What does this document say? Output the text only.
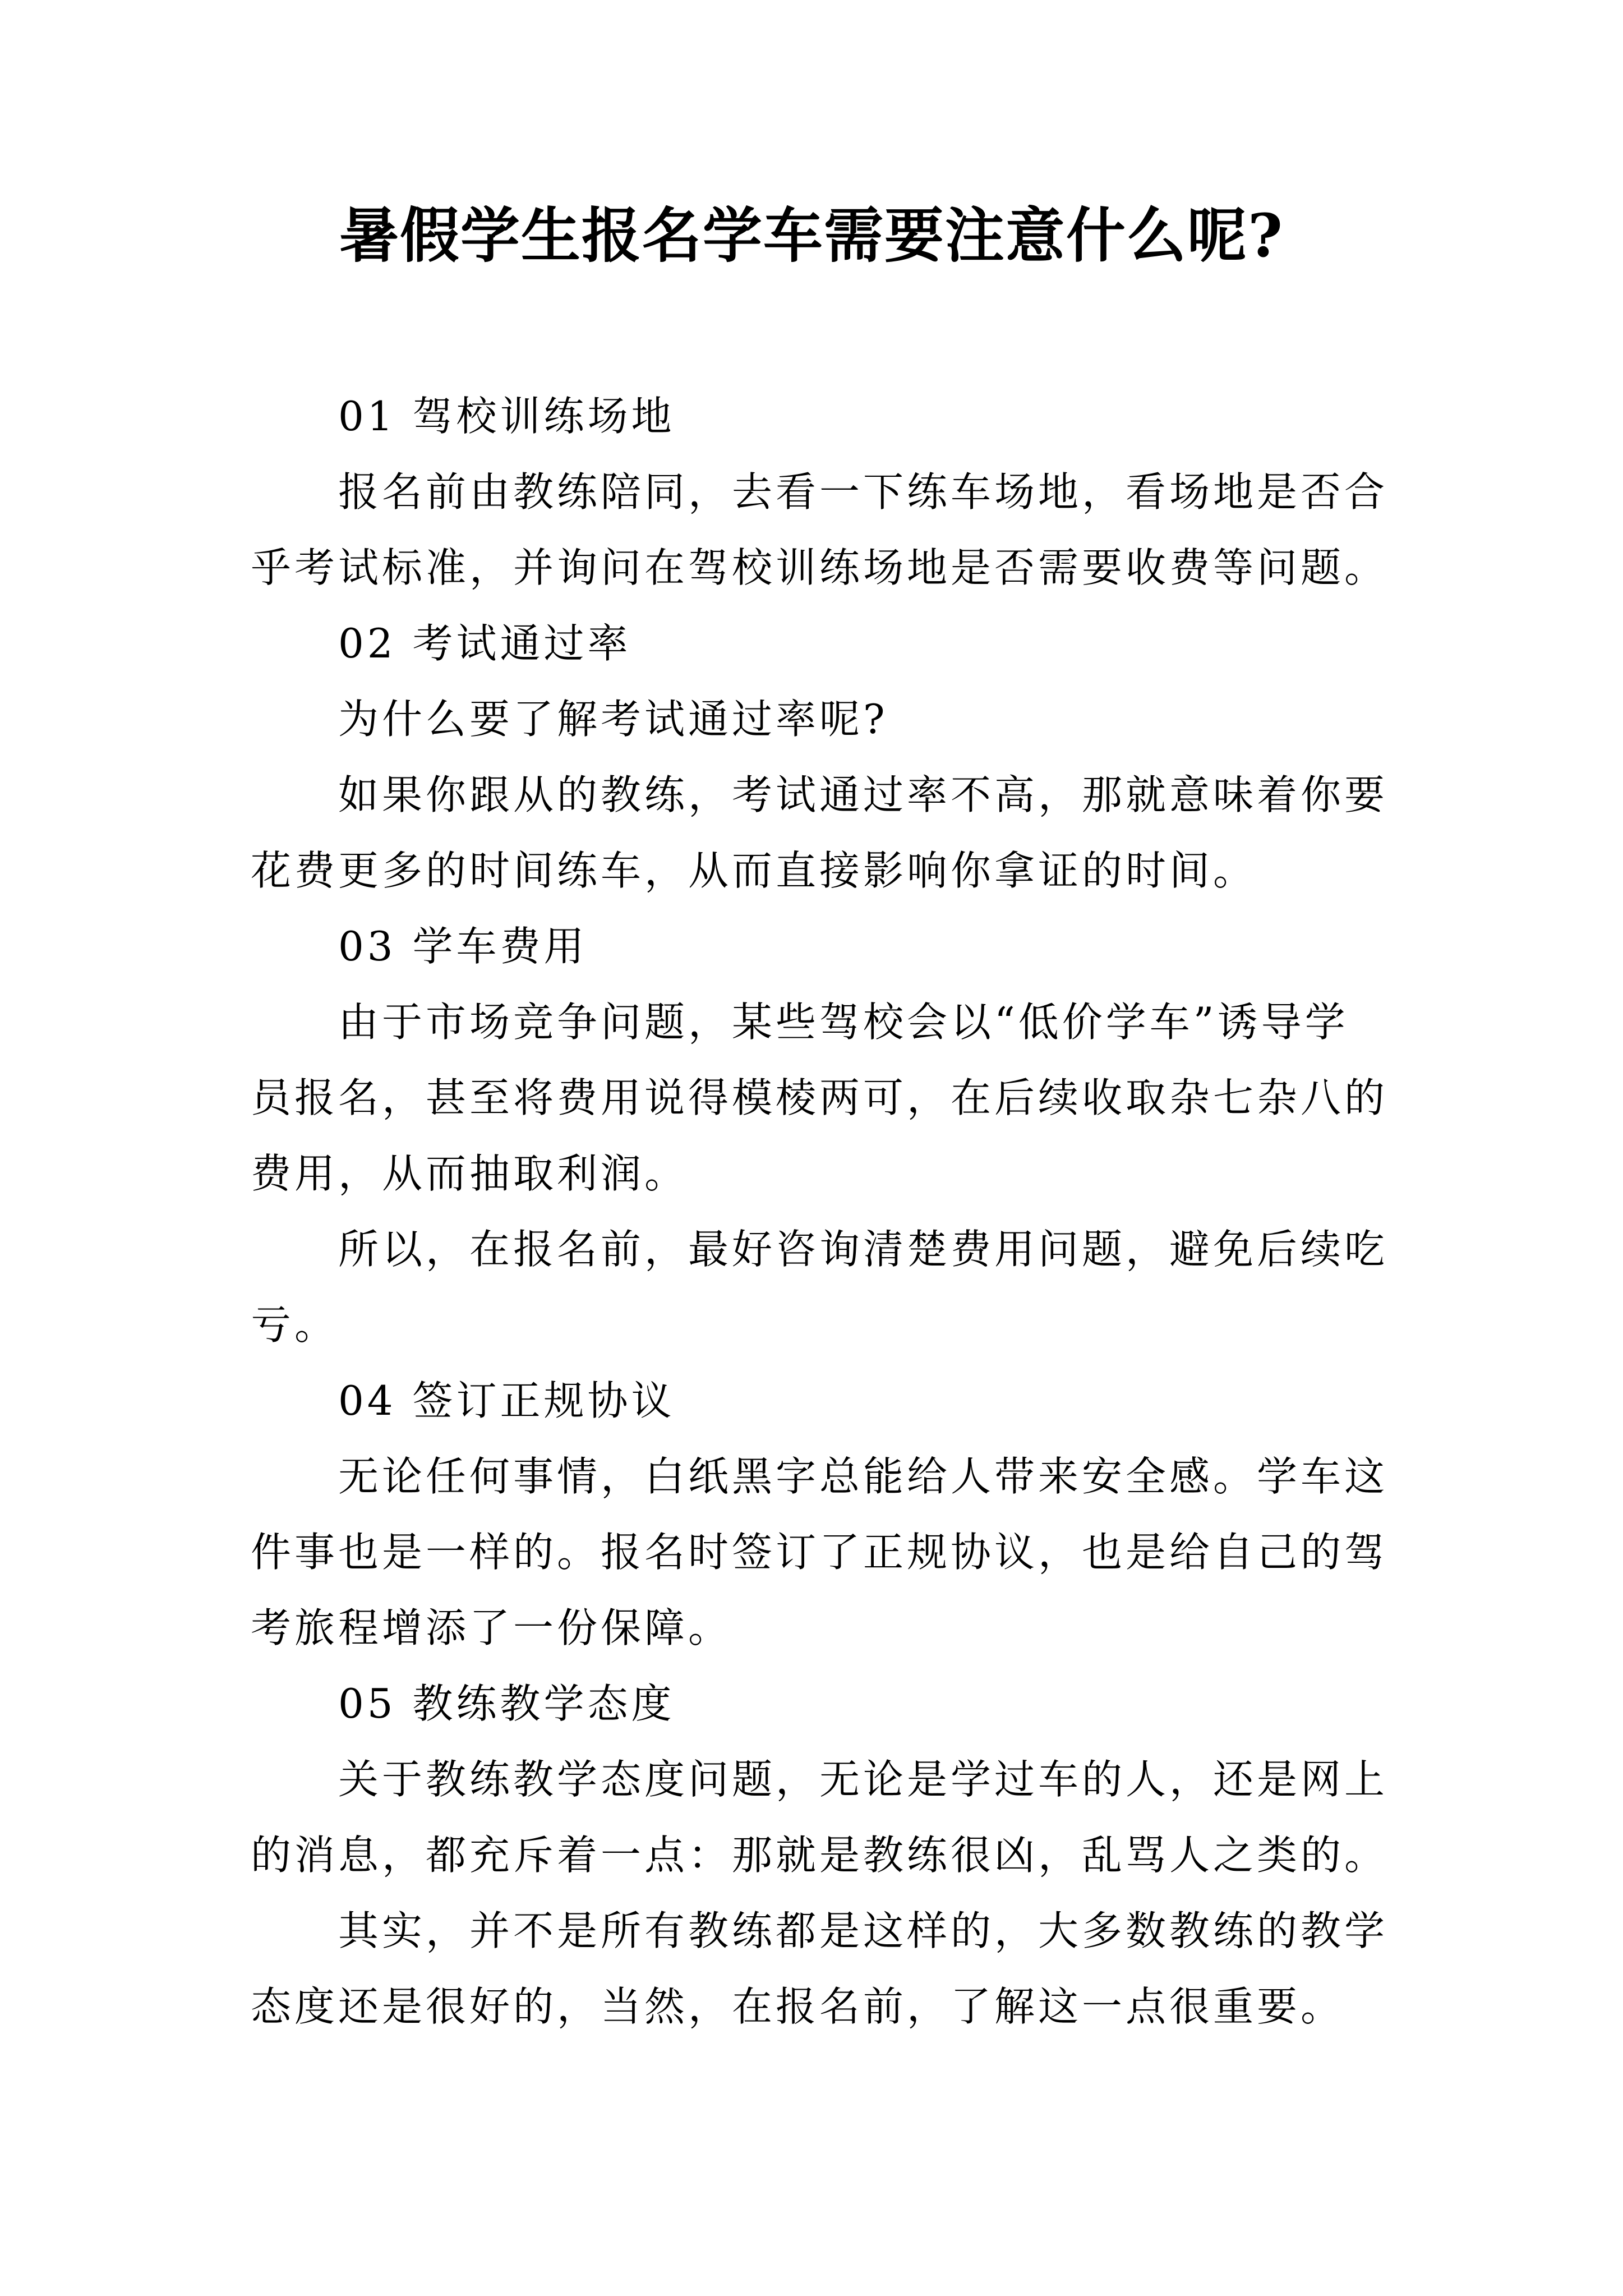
暑假学生报名学车需要注意什么呢?

01 驾校训练场地

报名前由教练陪同，去看一下练车场地，看场地是否合
乎考试标准，并询问在驾校训练场地是否需要收费等问题。

02 考试通过率

为什么要了解考试通过率呢?

如果你跟从的教练，考试通过率不高，那就意味着你要
花费更多的时间练车，从而直接影响你拿证的时间。

03 学车费用

由于市场竞争问题，某些驾校会以“低价学车”诱导学
员报名，甚至将费用说得模棱两可，在后续收取杂七杂八的
费用，从而抽取利润。

所以，在报名前，最好咨询清楚费用问题，避免后续吃
亏。

04 签订正规协议

无论任何事情，白纸黑字总能给人带来安全感。学车这
件事也是一样的。报名时签订了正规协议，也是给自己的驾
考旅程增添了一份保障。

05 教练教学态度

关于教练教学态度问题，无论是学过车的人，还是网上
的消息，都充斥着一点：那就是教练很凶，乱骂人之类的。

其实，并不是所有教练都是这样的，大多数教练的教学
态度还是很好的，当然，在报名前，了解这一点很重要。
